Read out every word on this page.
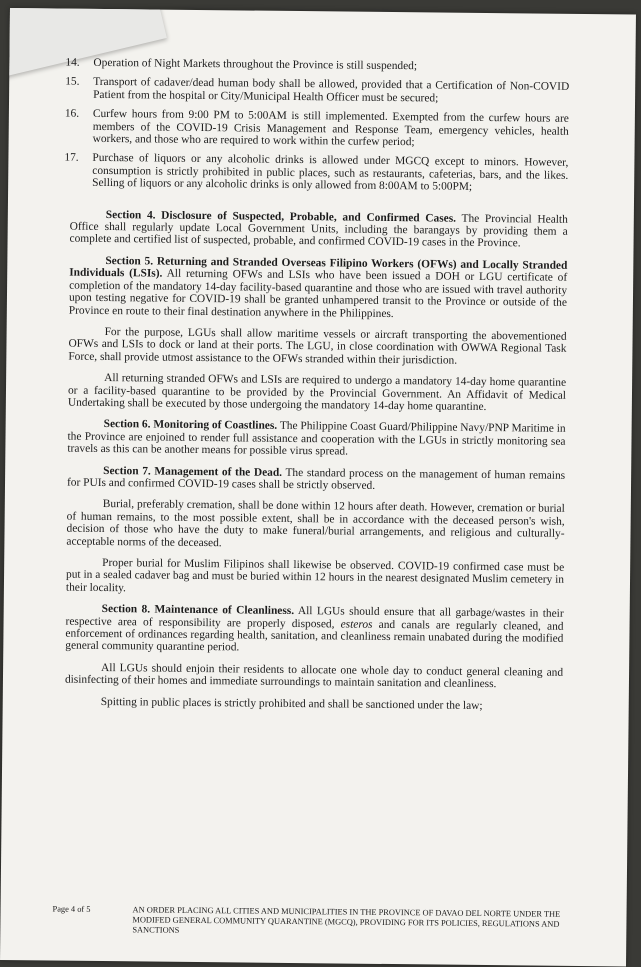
14. Operation of Night Markets throughout the Province is still suspended;

15. Transport of cadaver/dead human body shall be allowed, provided that a Certification of Non-COVID Patient from the hospital or City/Municipal Health Officer must be secured;

16. Curfew hours from 9:00 PM to 5:00AM is still implemented. Exempted from the curfew hours are members of the COVID-19 Crisis Management and Response Team, emergency vehicles, health workers, and those who are required to work within the curfew period;

17. Purchase of liquors or any alcoholic drinks is allowed under MGCQ except to minors. However, consumption is strictly prohibited in public places, such as restaurants, cafeterias, bars, and the likes. Selling of liquors or any alcoholic drinks is only allowed from 8:00AM to 5:00PM;

Section 4. Disclosure of Suspected, Probable, and Confirmed Cases. The Provincial Health Office shall regularly update Local Government Units, including the barangays by providing them a complete and certified list of suspected, probable, and confirmed COVID-19 cases in the Province.

Section 5. Returning and Stranded Overseas Filipino Workers (OFWs) and Locally Stranded Individuals (LSIs). All returning OFWs and LSIs who have been issued a DOH or LGU certificate of completion of the mandatory 14-day facility-based quarantine and those who are issued with travel authority upon testing negative for COVID-19 shall be granted unhampered transit to the Province or outside of the Province en route to their final destination anywhere in the Philippines.

For the purpose, LGUs shall allow maritime vessels or aircraft transporting the abovementioned OFWs and LSIs to dock or land at their ports. The LGU, in close coordination with OWWA Regional Task Force, shall provide utmost assistance to the OFWs stranded within their jurisdiction.

All returning stranded OFWs and LSIs are required to undergo a mandatory 14-day home quarantine or a facility-based quarantine to be provided by the Provincial Government. An Affidavit of Medical Undertaking shall be executed by those undergoing the mandatory 14-day home quarantine.

Section 6. Monitoring of Coastlines. The Philippine Coast Guard/Philippine Navy/PNP Maritime in the Province are enjoined to render full assistance and cooperation with the LGUs in strictly monitoring sea travels as this can be another means for possible virus spread.

Section 7. Management of the Dead. The standard process on the management of human remains for PUIs and confirmed COVID-19 cases shall be strictly observed.

Burial, preferably cremation, shall be done within 12 hours after death. However, cremation or burial of human remains, to the most possible extent, shall be in accordance with the deceased person's wish, decision of those who have the duty to make funeral/burial arrangements, and religious and culturally-acceptable norms of the deceased.

Proper burial for Muslim Filipinos shall likewise be observed. COVID-19 confirmed case must be put in a sealed cadaver bag and must be buried within 12 hours in the nearest designated Muslim cemetery in their locality.

Section 8. Maintenance of Cleanliness. All LGUs should ensure that all garbage/wastes in their respective area of responsibility are properly disposed, esteros and canals are regularly cleaned, and enforcement of ordinances regarding health, sanitation, and cleanliness remain unabated during the modified general community quarantine period.

All LGUs should enjoin their residents to allocate one whole day to conduct general cleaning and disinfecting of their homes and immediate surroundings to maintain sanitation and cleanliness.

Spitting in public places is strictly prohibited and shall be sanctioned under the law;

Page 4 of 5	AN ORDER PLACING ALL CITIES AND MUNICIPALITIES IN THE PROVINCE OF DAVAO DEL NORTE UNDER THE MODIFED GENERAL COMMUNITY QUARANTINE (MGCQ), PROVIDING FOR ITS POLICIES, REGULATIONS AND SANCTIONS
